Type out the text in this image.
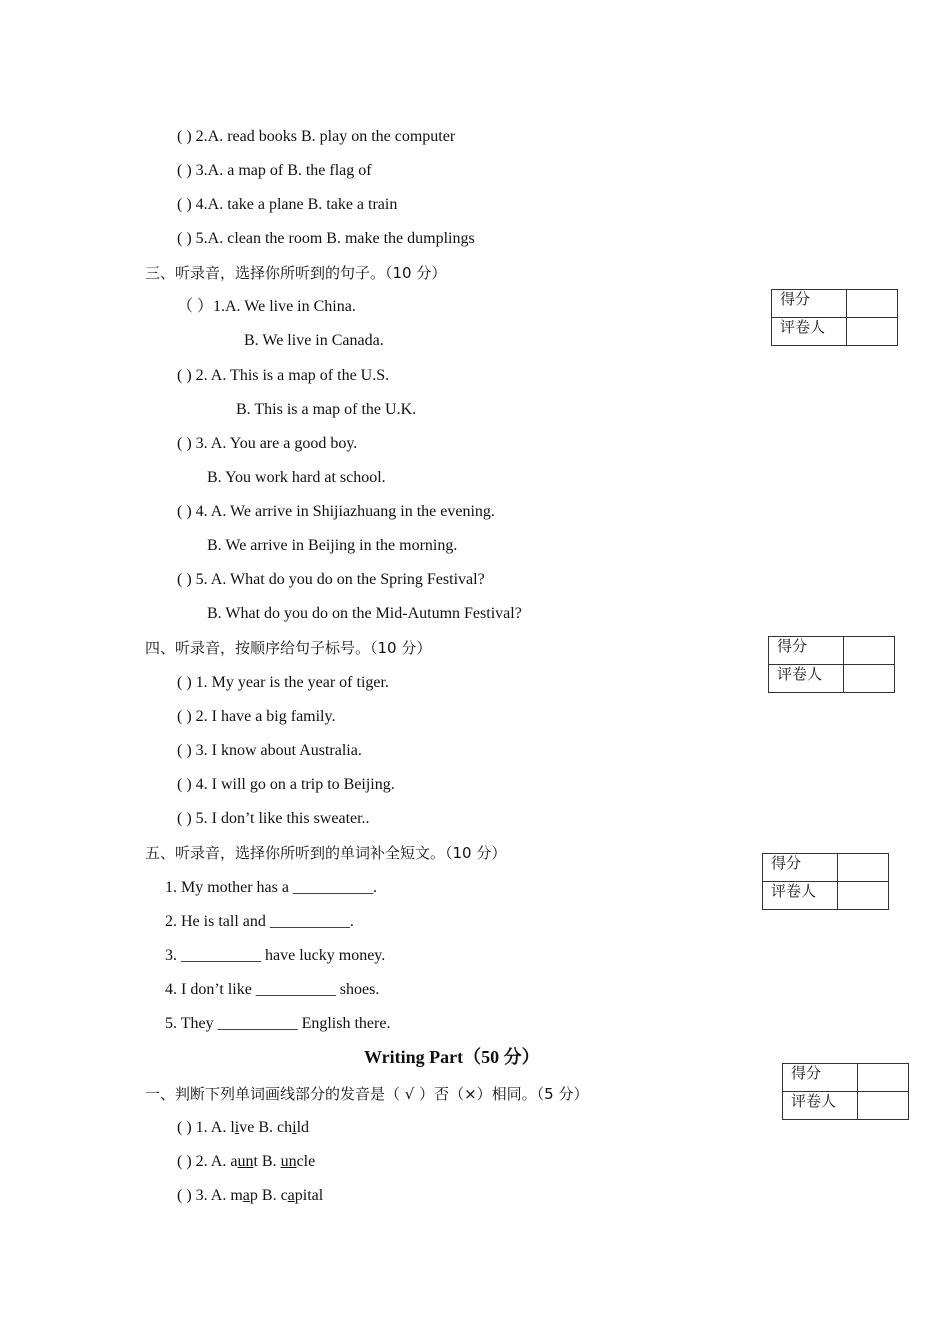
( ) 2.A. read books B. play on the computer
( ) 3.A. a map of B. the flag of
( ) 4.A. take a plane B. take a train
( ) 5.A. clean the room B. make the dumplings
三、听录音，选择你所听到的句子。（10 分）
（ ）1.A. We live in China.
B. We live in Canada.
( ) 2. A. This is a map of the U.S.
B. This is a map of the U.K.
( ) 3. A. You are a good boy.
B. You work hard at school.
( ) 4. A. We arrive in Shijiazhuang in the evening.
B. We arrive in Beijing in the morning.
( ) 5. A. What do you do on the Spring Festival?
B. What do you do on the Mid-Autumn Festival?
四、听录音，按顺序给句子标号。（10 分）
( ) 1. My year is the year of tiger.
( ) 2. I have a big family.
( ) 3. I know about Australia.
( ) 4. I will go on a trip to Beijing.
( ) 5. I don’t like this sweater..
五、听录音，选择你所听到的单词补全短文。（10 分）
1. My mother has a __________.
2. He is tall and __________.
3. __________ have lucky money.
4. I don’t like __________ shoes.
5. They __________ English there.
Writing Part（50 分）
一、判断下列单词画线部分的发音是（ √ ）否（×）相同。（5 分）
( ) 1. A. live B. child
( ) 2. A. aunt B. uncle
( ) 3. A. map B. capital
得分	
评卷人	
得分	
评卷人	
得分	
评卷人	
得分	
评卷人	
